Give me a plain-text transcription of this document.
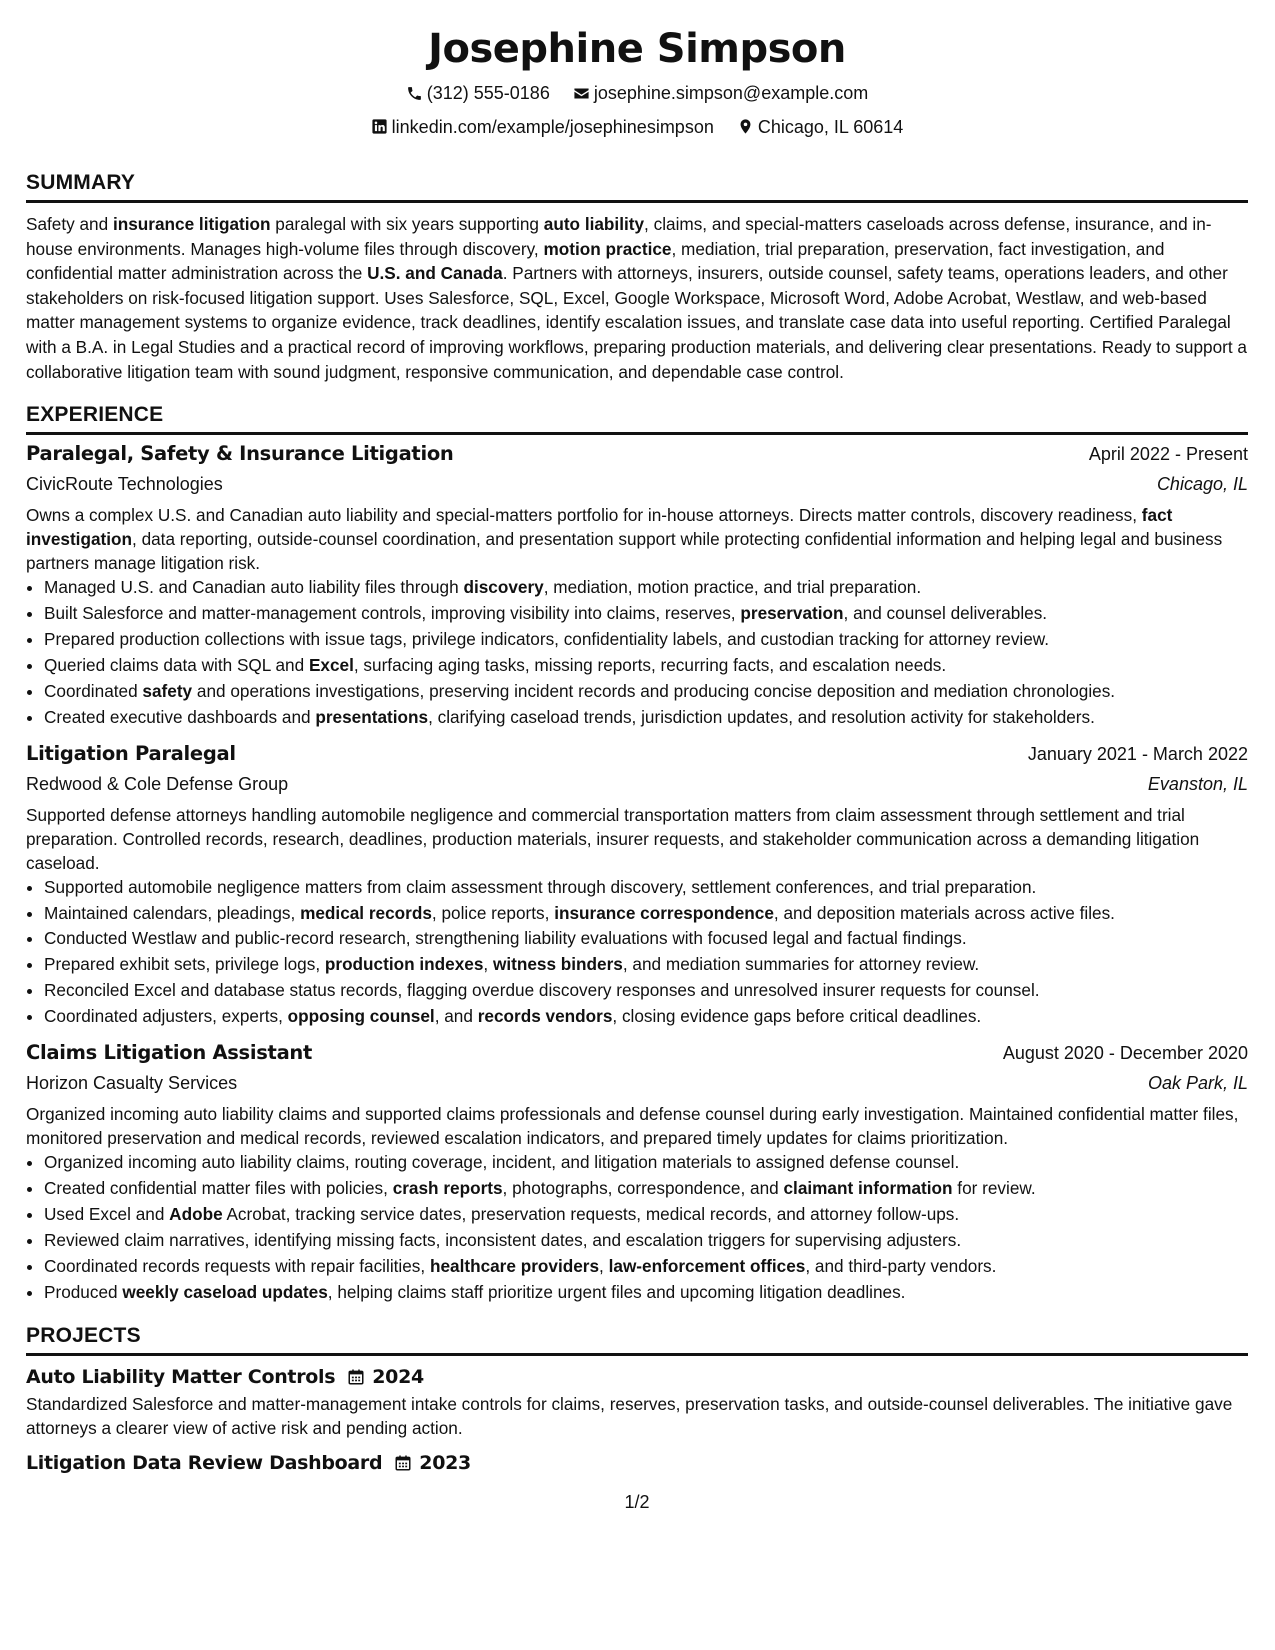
Josephine Simpson
(312) 555-0186
josephine.simpson@example.com
linkedin.com/example/josephinesimpson
Chicago, IL 60614
SUMMARY

Safety and insurance litigation paralegal with six years supporting auto liability, claims, and special-matters caseloads across defense, insurance, and in-house environments. Manages high-volume files through discovery, motion practice, mediation, trial preparation, preservation, fact investigation, and confidential matter administration across the U.S. and Canada. Partners with attorneys, insurers, outside counsel, safety teams, operations leaders, and other stakeholders on risk-focused litigation support. Uses Salesforce, SQL, Excel, Google Workspace, Microsoft Word, Adobe Acrobat, Westlaw, and web-based matter management systems to organize evidence, track deadlines, identify escalation issues, and translate case data into useful reporting. Certified Paralegal with a B.A. in Legal Studies and a practical record of improving workflows, preparing production materials, and delivering clear presentations. Ready to support a collaborative litigation team with sound judgment, responsive communication, and dependable case control.

EXPERIENCE
Paralegal, Safety & Insurance Litigation	April 2022 - Present
CivicRoute Technologies	Chicago, IL

Owns a complex U.S. and Canadian auto liability and special-matters portfolio for in-house attorneys. Directs matter controls, discovery readiness, fact investigation, data reporting, outside-counsel coordination, and presentation support while protecting confidential information and helping legal and business partners manage litigation risk.

• Managed U.S. and Canadian auto liability files through discovery, mediation, motion practice, and trial preparation.
• Built Salesforce and matter-management controls, improving visibility into claims, reserves, preservation, and counsel deliverables.
• Prepared production collections with issue tags, privilege indicators, confidentiality labels, and custodian tracking for attorney review.
• Queried claims data with SQL and Excel, surfacing aging tasks, missing reports, recurring facts, and escalation needs.
• Coordinated safety and operations investigations, preserving incident records and producing concise deposition and mediation chronologies.
• Created executive dashboards and presentations, clarifying caseload trends, jurisdiction updates, and resolution activity for stakeholders.
Litigation Paralegal	January 2021 - March 2022
Redwood & Cole Defense Group	Evanston, IL

Supported defense attorneys handling automobile negligence and commercial transportation matters from claim assessment through settlement and trial preparation. Controlled records, research, deadlines, production materials, insurer requests, and stakeholder communication across a demanding litigation caseload.

• Supported automobile negligence matters from claim assessment through discovery, settlement conferences, and trial preparation.
• Maintained calendars, pleadings, medical records, police reports, insurance correspondence, and deposition materials across active files.
• Conducted Westlaw and public-record research, strengthening liability evaluations with focused legal and factual findings.
• Prepared exhibit sets, privilege logs, production indexes, witness binders, and mediation summaries for attorney review.
• Reconciled Excel and database status records, flagging overdue discovery responses and unresolved insurer requests for counsel.
• Coordinated adjusters, experts, opposing counsel, and records vendors, closing evidence gaps before critical deadlines.
Claims Litigation Assistant	August 2020 - December 2020
Horizon Casualty Services	Oak Park, IL

Organized incoming auto liability claims and supported claims professionals and defense counsel during early investigation. Maintained confidential matter files, monitored preservation and medical records, reviewed escalation indicators, and prepared timely updates for claims prioritization.

• Organized incoming auto liability claims, routing coverage, incident, and litigation materials to assigned defense counsel.
• Created confidential matter files with policies, crash reports, photographs, correspondence, and claimant information for review.
• Used Excel and Adobe Acrobat, tracking service dates, preservation requests, medical records, and attorney follow-ups.
• Reviewed claim narratives, identifying missing facts, inconsistent dates, and escalation triggers for supervising adjusters.
• Coordinated records requests with repair facilities, healthcare providers, law-enforcement offices, and third-party vendors.
• Produced weekly caseload updates, helping claims staff prioritize urgent files and upcoming litigation deadlines.
PROJECTS
Auto Liability Matter Controls 2024

Standardized Salesforce and matter-management intake controls for claims, reserves, preservation tasks, and outside-counsel deliverables. The initiative gave attorneys a clearer view of active risk and pending action.

Litigation Data Review Dashboard 2023
1/2
